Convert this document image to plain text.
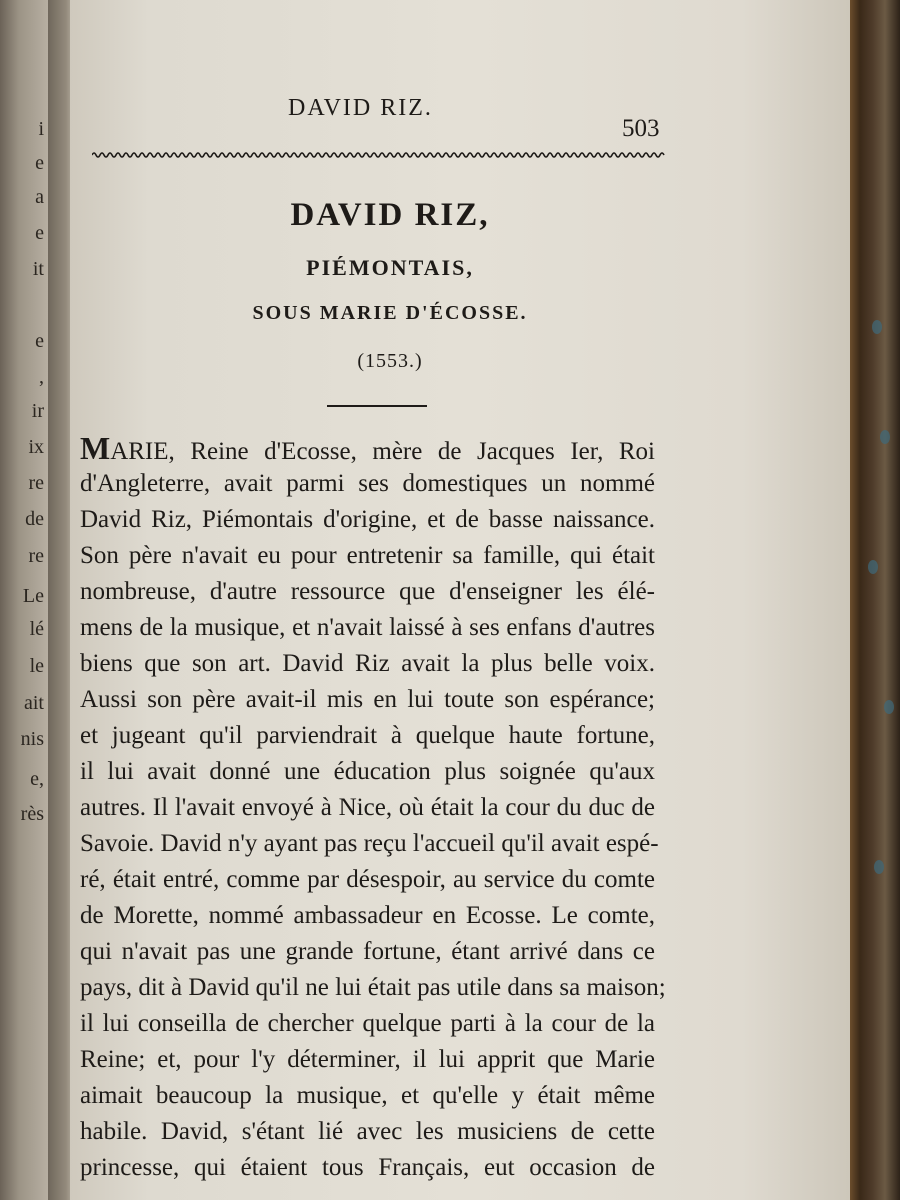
i
e
a
e
it
e
,
ir
ix
re
de
re
Le
lé
le
ait
nis
e,
rès
DAVID RIZ.
503
DAVID RIZ,
PIÉMONTAIS,
SOUS MARIE D'ÉCOSSE.
(1553.)
MARIE, Reine d'Ecosse, mère de Jacques Ier, Roi
d'Angleterre, avait parmi ses domestiques un nommé
David Riz, Piémontais d'origine, et de basse naissance.
Son père n'avait eu pour entretenir sa famille, qui était
nombreuse, d'autre ressource que d'enseigner les élé-
mens de la musique, et n'avait laissé à ses enfans d'autres
biens que son art. David Riz avait la plus belle voix.
Aussi son père avait-il mis en lui toute son espérance;
et jugeant qu'il parviendrait à quelque haute fortune,
il lui avait donné une éducation plus soignée qu'aux
autres. Il l'avait envoyé à Nice, où était la cour du duc de
Savoie. David n'y ayant pas reçu l'accueil qu'il avait espé-
ré, était entré, comme par désespoir, au service du comte
de Morette, nommé ambassadeur en Ecosse. Le comte,
qui n'avait pas une grande fortune, étant arrivé dans ce
pays, dit à David qu'il ne lui était pas utile dans sa maison;
il lui conseilla de chercher quelque parti à la cour de la
Reine; et, pour l'y déterminer, il lui apprit que Marie
aimait beaucoup la musique, et qu'elle y était même
habile. David, s'étant lié avec les musiciens de cette
princesse, qui étaient tous Français, eut occasion de
